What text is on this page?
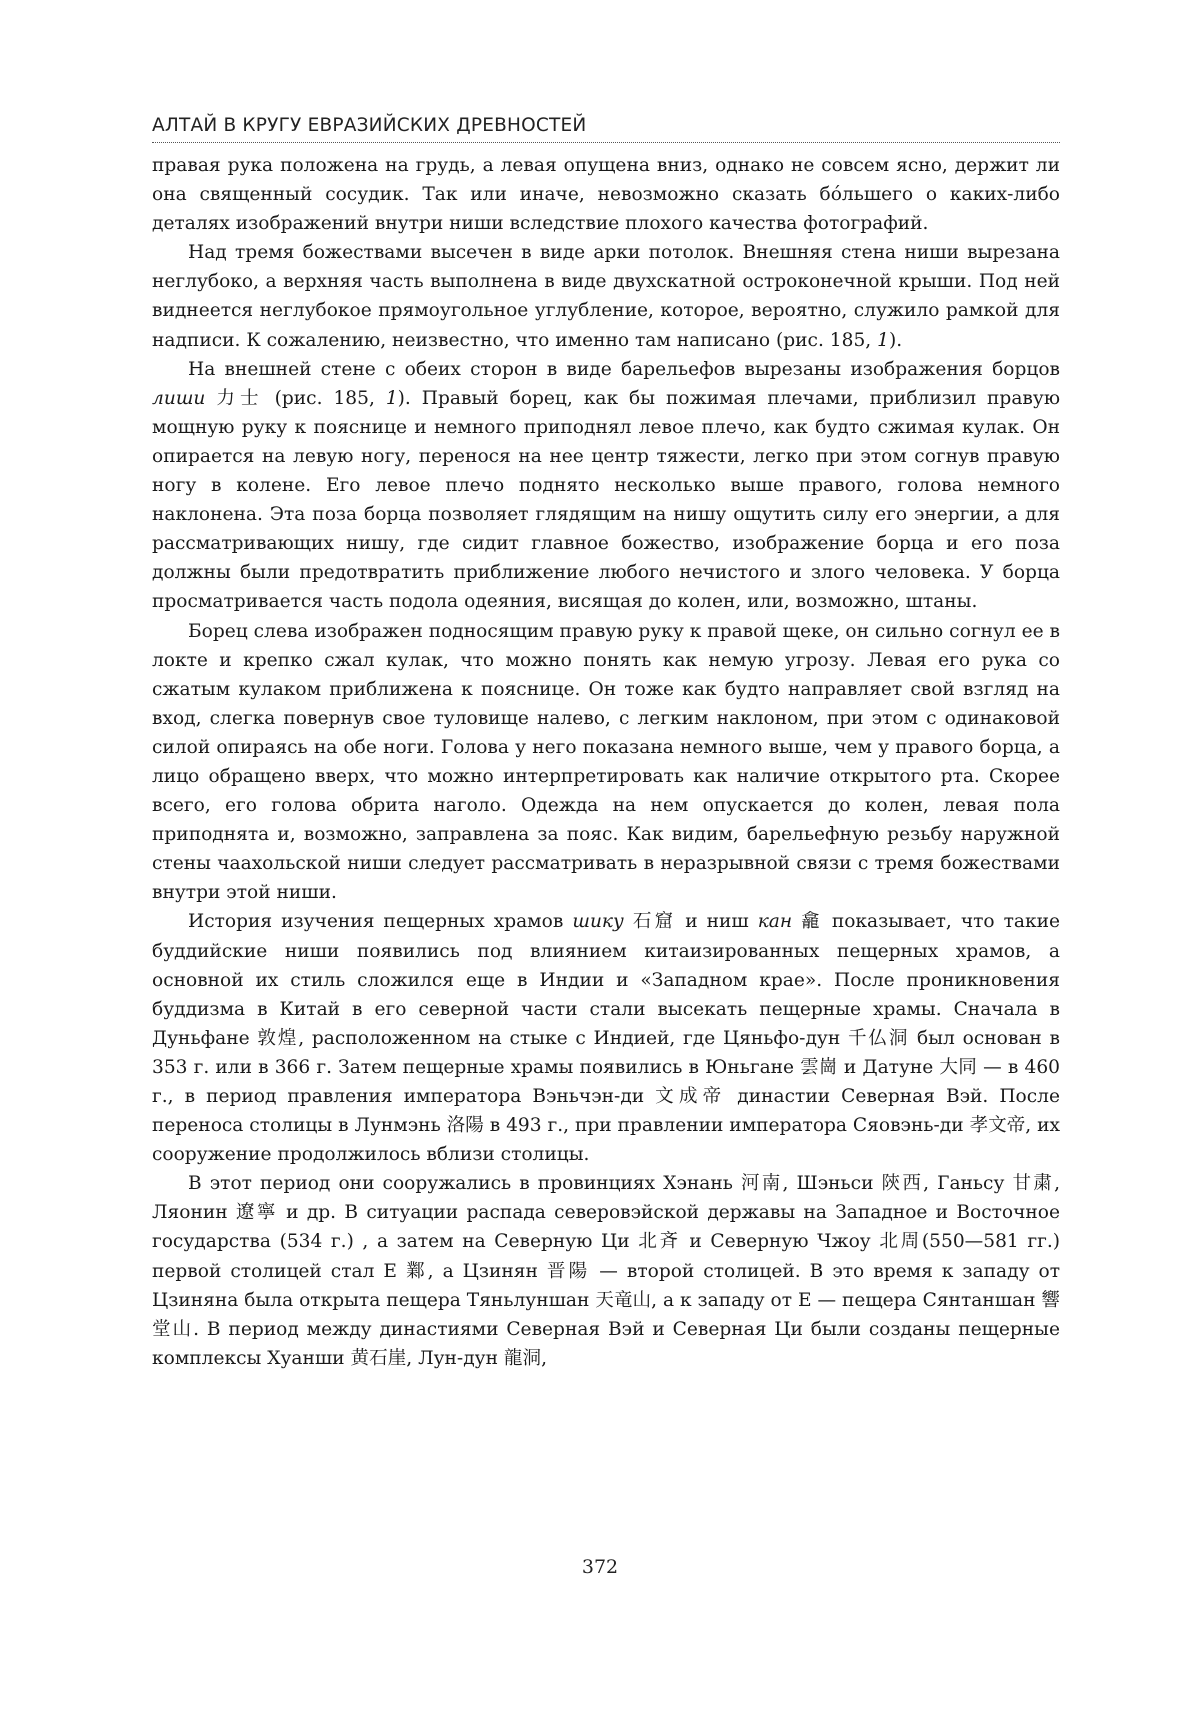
АЛТАЙ В КРУГУ ЕВРАЗИЙСКИХ ДРЕВНОСТЕЙ

правая рука положена на грудь, а левая опущена вниз, однако не совсем ясно, держит ли она священный сосудик. Так или иначе, невозможно сказать бо́льшего о каких-либо деталях изображений внутри ниши вследствие плохого качества фотографий.

Над тремя божествами высечен в виде арки потолок. Внешняя стена ниши вырезана неглубоко, а верхняя часть выполнена в виде двухскатной остроконечной крыши. Под ней виднеется неглубокое прямоугольное углубление, которое, вероятно, служило рамкой для надписи. К сожалению, неизвестно, что именно там написано (рис. 185, 1).

На внешней стене с обеих сторон в виде барельефов вырезаны изображения борцов лиши 力士 (рис. 185, 1). Правый борец, как бы пожимая плечами, приблизил правую мощную руку к пояснице и немного приподнял левое плечо, как будто сжимая кулак. Он опирается на левую ногу, перенося на нее центр тяжести, легко при этом согнув правую ногу в колене. Его левое плечо поднято несколько выше правого, голова немного наклонена. Эта поза борца позволяет глядящим на нишу ощутить силу его энергии, а для рассматривающих нишу, где сидит главное божество, изображение борца и его поза должны были предотвратить приближение любого нечистого и злого человека. У борца просматривается часть подола одеяния, висящая до колен, или, возможно, штаны.

Борец слева изображен подносящим правую руку к правой щеке, он сильно согнул ее в локте и крепко сжал кулак, что можно понять как немую угрозу. Левая его рука со сжатым кулаком приближена к пояснице. Он тоже как будто направляет свой взгляд на вход, слегка повернув свое туловище налево, с легким наклоном, при этом с одинаковой силой опираясь на обе ноги. Голова у него показана немного выше, чем у правого борца, а лицо обращено вверх, что можно интерпретировать как наличие открытого рта. Скорее всего, его голова обрита наголо. Одежда на нем опускается до колен, левая пола приподнята и, возможно, заправлена за пояс. Как видим, барельефную резьбу наружной стены чаахольской ниши следует рассматривать в неразрывной связи с тремя божествами внутри этой ниши.

История изучения пещерных храмов шику 石窟 и ниш кан 龕 показывает, что такие буддийские ниши появились под влиянием китаизированных пещерных храмов, а основной их стиль сложился еще в Индии и «Западном крае». После проникновения буддизма в Китай в его северной части стали высекать пещерные храмы. Сначала в Дуньфане 敦煌, расположенном на стыке с Индией, где Цяньфо-дун 千仏洞 был основан в 353 г. или в 366 г. Затем пещерные храмы появились в Юньгане 雲崗 и Датуне 大同 — в 460 г., в период правления императора Вэньчэн-ди 文成帝 династии Северная Вэй. После переноса столицы в Лунмэнь 洛陽 в 493 г., при правлении императора Сяовэнь-ди 孝文帝, их сооружение продолжилось вблизи столицы.

В этот период они сооружались в провинциях Хэнань 河南, Шэньси 陝西, Ганьсу 甘粛, Ляонин 遼寧 и др. В ситуации распада северовэйской державы на Западное и Восточное государства (534 г.) , а затем на Северную Ци 北斉 и Северную Чжоу 北周(550—581 гг.) первой столицей стал Е 鄴, а Цзинян 晋陽 — второй столицей. В это время к западу от Цзиняна была открыта пещера Тяньлуншан 天竜山, а к западу от Е — пещера Сянтаншан 響堂山. В период между династиями Северная Вэй и Северная Ци были созданы пещерные комплексы Хуанши 黄石崖, Лун-дун 龍洞,

372
